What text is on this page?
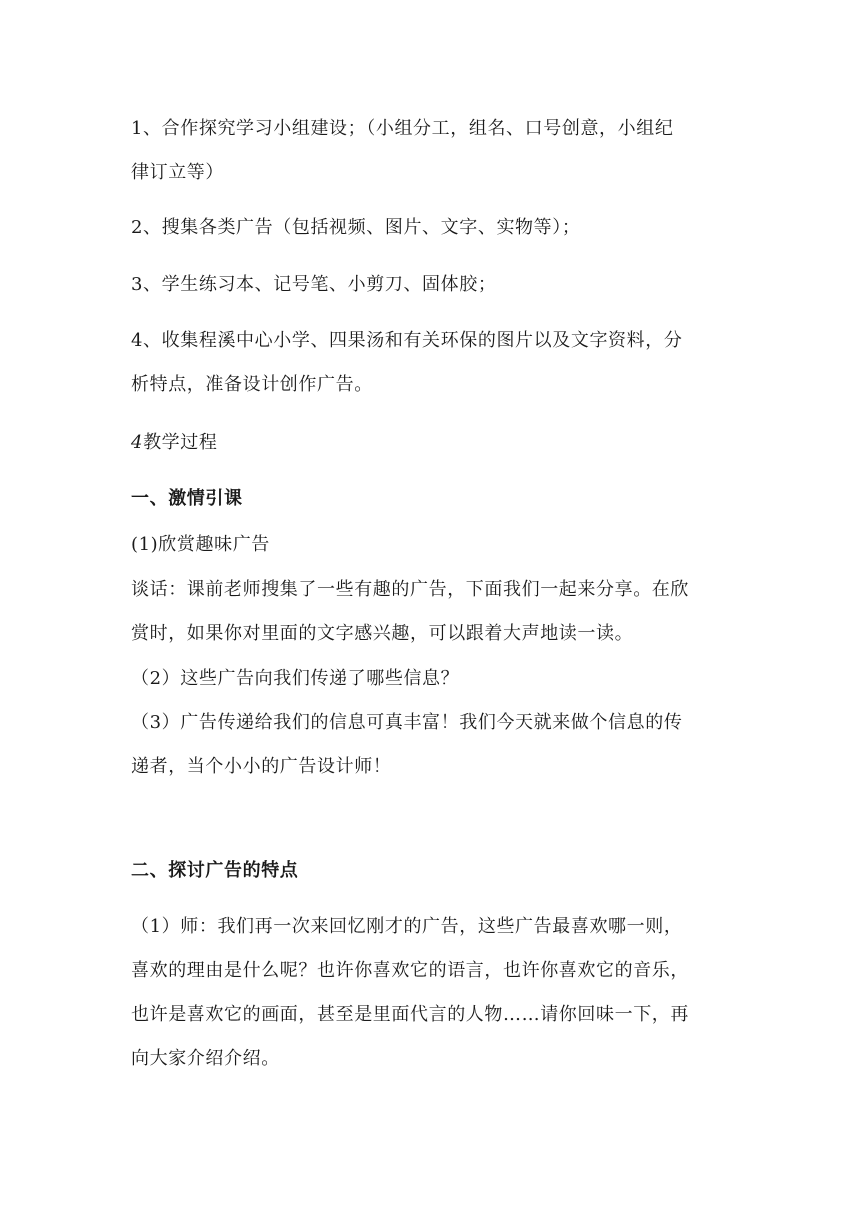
1、合作探究学习小组建设；（小组分工，组名、口号创意，小组纪
律订立等）
2、搜集各类广告（包括视频、图片、文字、实物等）；
3、学生练习本、记号笔、小剪刀、固体胶；
4、收集程溪中心小学、四果汤和有关环保的图片以及文字资料，分
析特点，准备设计创作广告。
4教学过程
一、激情引课
(1)欣赏趣味广告
谈话：课前老师搜集了一些有趣的广告，下面我们一起来分享。在欣
赏时，如果你对里面的文字感兴趣，可以跟着大声地读一读。
（2）这些广告向我们传递了哪些信息？
（3）广告传递给我们的信息可真丰富！我们今天就来做个信息的传
递者，当个小小的广告设计师！
二、探讨广告的特点
（1）师：我们再一次来回忆刚才的广告，这些广告最喜欢哪一则，
喜欢的理由是什么呢？也许你喜欢它的语言，也许你喜欢它的音乐，
也许是喜欢它的画面，甚至是里面代言的人物……请你回味一下，再
向大家介绍介绍。
